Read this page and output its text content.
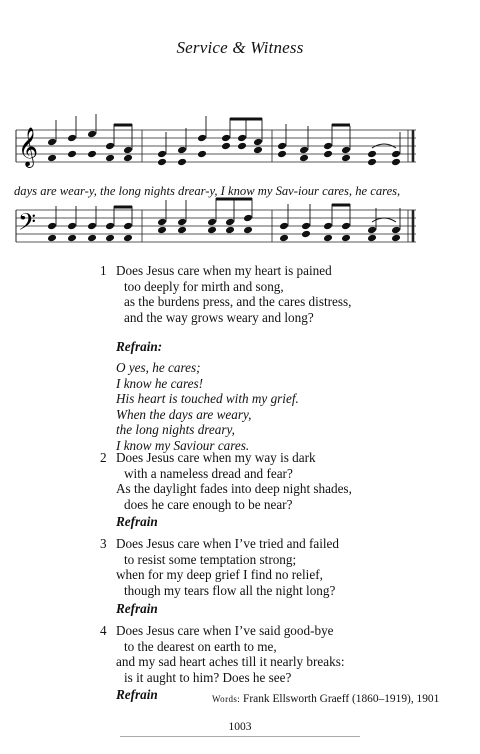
Service & Witness
𝄞
days are wear-y, the long nights drear-y, I know my Sav-iour cares, he cares,
𝄢
1 Does Jesus care when my heart is pained
too deeply for mirth and song,
as the burdens press, and the cares distress,
and the way grows weary and long?
Refrain:
O yes, he cares;
I know he cares!
His heart is touched with my grief.
When the days are weary,
the long nights dreary,
I know my Saviour cares.
2 Does Jesus care when my way is dark
with a nameless dread and fear?
As the daylight fades into deep night shades,
does he care enough to be near?
Refrain
3 Does Jesus care when I’ve tried and failed
to resist some temptation strong;
when for my deep grief I find no relief,
though my tears flow all the night long?
Refrain
4 Does Jesus care when I’ve said good-bye
to the dearest on earth to me,
and my sad heart aches till it nearly breaks:
is it aught to him? Does he see?
Refrain	Words: Frank Ellsworth Graeff (1860–1919), 1901
1003
